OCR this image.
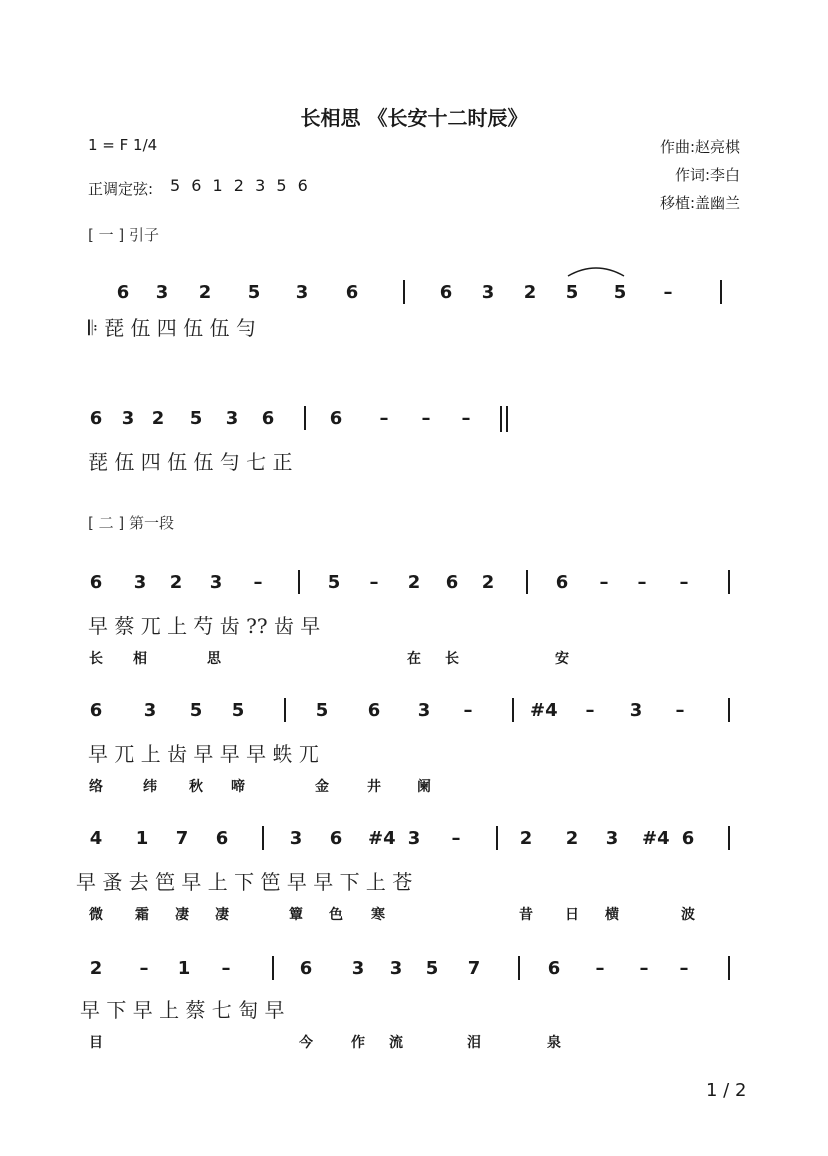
长相思 《长安十二时辰》
1 = F 1/4	作曲:赵亮棋
作词:李白
移植:盖幽兰
正调定弦: 5 6 1 2 3 5 6
[ 一 ] 引子
[ 二 ] 第一段
6 3 2 5 3 6	6 3 2 5 5	–
𝄆 琵 伍 四 伍 伍 勻
6 3 2 5 3 6	6	–	–	–
琵 伍 四 伍 伍 勻 七 正
6 3 2 3	–	5	–	2 6 2	6	–	–	–
早 蔡 兀 上 芍 齿 ?? 齿 早
长 相	思	在 长	安
6 3 5 5	5 6 3	–	#4	–	3	–
早 兀 上 齿 早 早 早 蛈 兀
络	纬 秋 啼	金	井	阑
4 1 7 6	3 6 #4 3	–	2 2 3 #4 6
早 蚤 去 笆 早 上 下 笆 早 早 下 上 苍
微 霜 凄 凄	簟 色 寒	昔 日 横	波
2	–	1	–	6 3 3 5 7	6	–	–	–
早 下 早 上 蔡 七 匋 早
目	今	作 流	泪	泉
1 / 2
